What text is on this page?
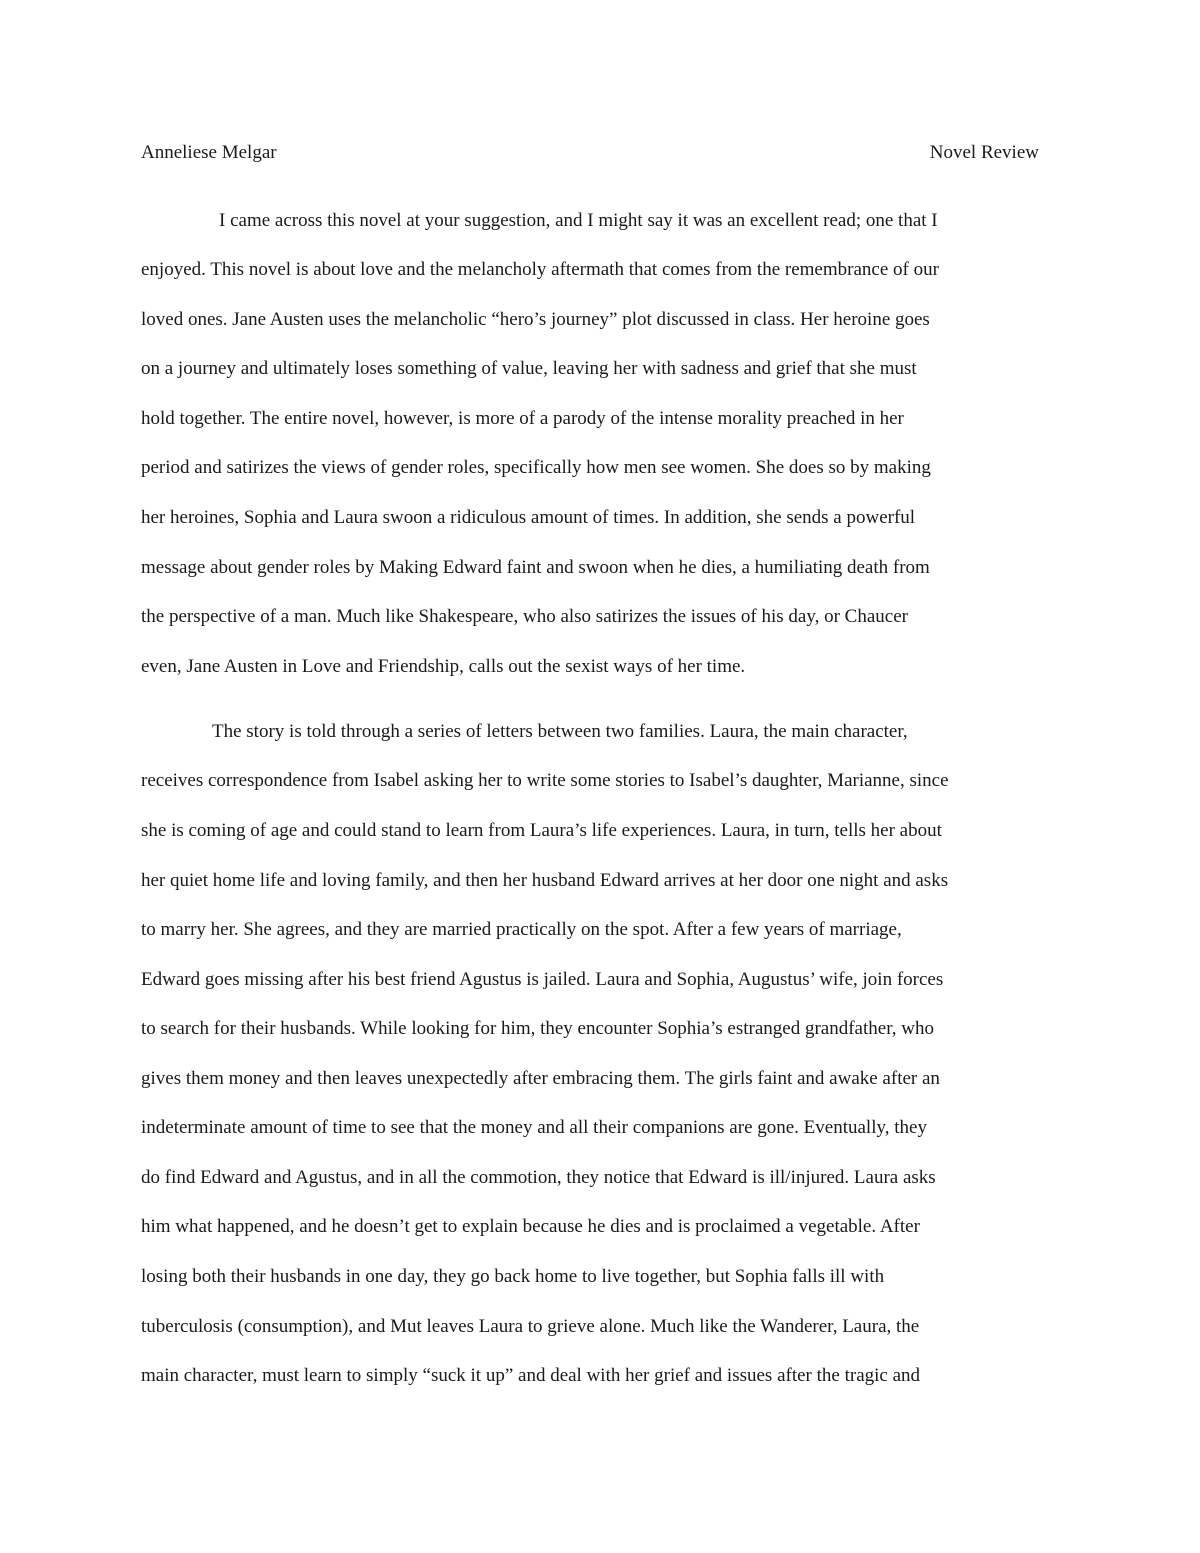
Anneliese Melgar	Novel Review
I came across this novel at your suggestion, and I might say it was an excellent read; one that I
enjoyed. This novel is about love and the melancholy aftermath that comes from the remembrance of our
loved ones. Jane Austen uses the melancholic “hero’s journey” plot discussed in class. Her heroine goes
on a journey and ultimately loses something of value, leaving her with sadness and grief that she must
hold together. The entire novel, however, is more of a parody of the intense morality preached in her
period and satirizes the views of gender roles, specifically how men see women. She does so by making
her heroines, Sophia and Laura swoon a ridiculous amount of times. In addition, she sends a powerful
message about gender roles by Making Edward faint and swoon when he dies, a humiliating death from
the perspective of a man. Much like Shakespeare, who also satirizes the issues of his day, or Chaucer
even, Jane Austen in Love and Friendship, calls out the sexist ways of her time.
The story is told through a series of letters between two families. Laura, the main character,
receives correspondence from Isabel asking her to write some stories to Isabel’s daughter, Marianne, since
she is coming of age and could stand to learn from Laura’s life experiences. Laura, in turn, tells her about
her quiet home life and loving family, and then her husband Edward arrives at her door one night and asks
to marry her. She agrees, and they are married practically on the spot. After a few years of marriage,
Edward goes missing after his best friend Agustus is jailed. Laura and Sophia, Augustus’ wife, join forces
to search for their husbands. While looking for him, they encounter Sophia’s estranged grandfather, who
gives them money and then leaves unexpectedly after embracing them. The girls faint and awake after an
indeterminate amount of time to see that the money and all their companions are gone. Eventually, they
do find Edward and Agustus, and in all the commotion, they notice that Edward is ill/injured. Laura asks
him what happened, and he doesn’t get to explain because he dies and is proclaimed a vegetable. After
losing both their husbands in one day, they go back home to live together, but Sophia falls ill with
tuberculosis (consumption), and Mut leaves Laura to grieve alone. Much like the Wanderer, Laura, the
main character, must learn to simply “suck it up” and deal with her grief and issues after the tragic and
